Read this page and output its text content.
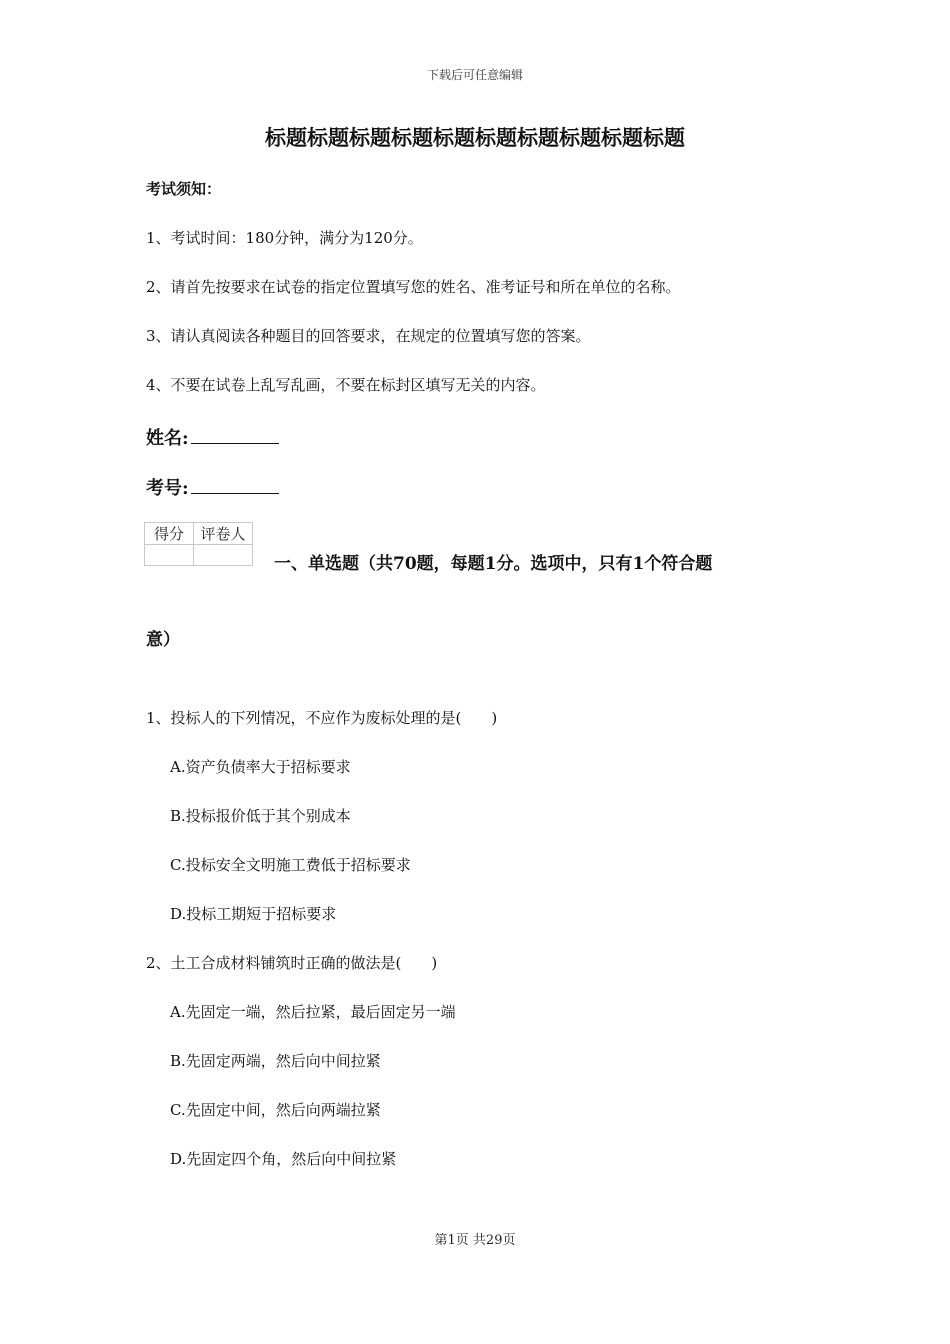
下载后可任意编辑
标题标题标题标题标题标题标题标题标题标题
考试须知：
1、考试时间：180分钟，满分为120分。
2、请首先按要求在试卷的指定位置填写您的姓名、准考证号和所在单位的名称。
3、请认真阅读各种题目的回答要求，在规定的位置填写您的答案。
4、不要在试卷上乱写乱画，不要在标封区填写无关的内容。
姓名:
考号:
得分	评卷人

一、单选题（共70题，每题1分。选项中，只有1个符合题
意）
1、投标人的下列情况，不应作为废标处理的是(　　)
A.资产负债率大于招标要求
B.投标报价低于其个别成本
C.投标安全文明施工费低于招标要求
D.投标工期短于招标要求
2、土工合成材料铺筑时正确的做法是(　　)
A.先固定一端，然后拉紧，最后固定另一端
B.先固定两端，然后向中间拉紧
C.先固定中间，然后向两端拉紧
D.先固定四个角，然后向中间拉紧
第1页 共29页
